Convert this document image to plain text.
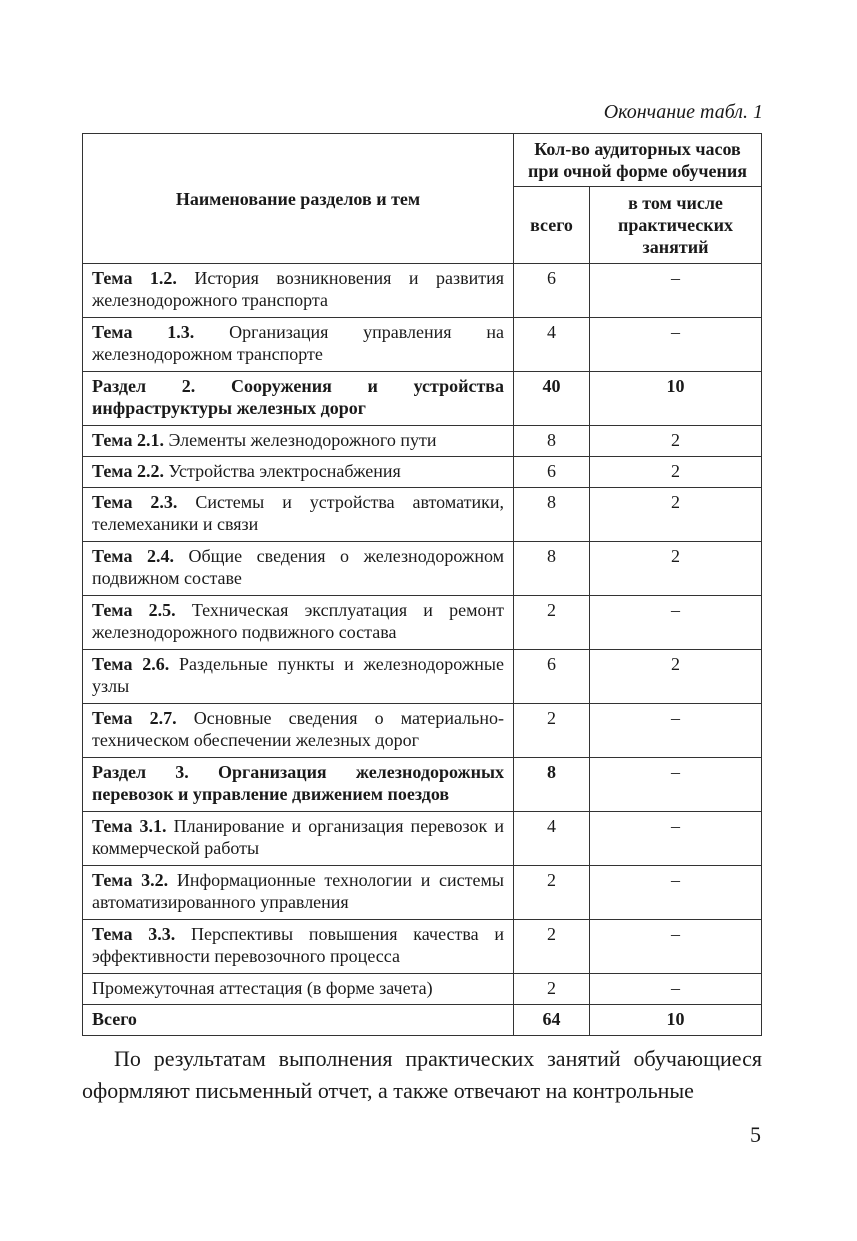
Окончание табл. 1
Наименование разделов и тем	Кол-во аудиторных часов при очной форме обучения	
	всего	в том числе практических занятий
Тема 1.2. История возникновения и развития железнодорожного транспорта	6	–
Тема 1.3. Организация управления на железнодорожном транспорте	4	–
Раздел 2. Сооружения и устройства инфраструктуры железных дорог	40	10
Тема 2.1. Элементы железнодорожного пути	8	2
Тема 2.2. Устройства электроснабжения	6	2
Тема 2.3. Системы и устройства автоматики, телемеханики и связи	8	2
Тема 2.4. Общие сведения о железнодорожном подвижном составе	8	2
Тема 2.5. Техническая эксплуатация и ремонт железнодорожного подвижного состава	2	–
Тема 2.6. Раздельные пункты и железнодорожные узлы	6	2
Тема 2.7. Основные сведения о материально-техническом обеспечении железных дорог	2	–
Раздел 3. Организация железнодорожных перевозок и управление движением поездов	8	–
Тема 3.1. Планирование и организация перевозок и коммерческой работы	4	–
Тема 3.2. Информационные технологии и системы автоматизированного управления	2	–
Тема 3.3. Перспективы повышения качества и эффективности перевозочного процесса	2	–
Промежуточная аттестация (в форме зачета)	2	–
Всего	64	10
По результатам выполнения практических занятий обучающиеся оформляют письменный отчет, а также отвечают на контрольные
5
